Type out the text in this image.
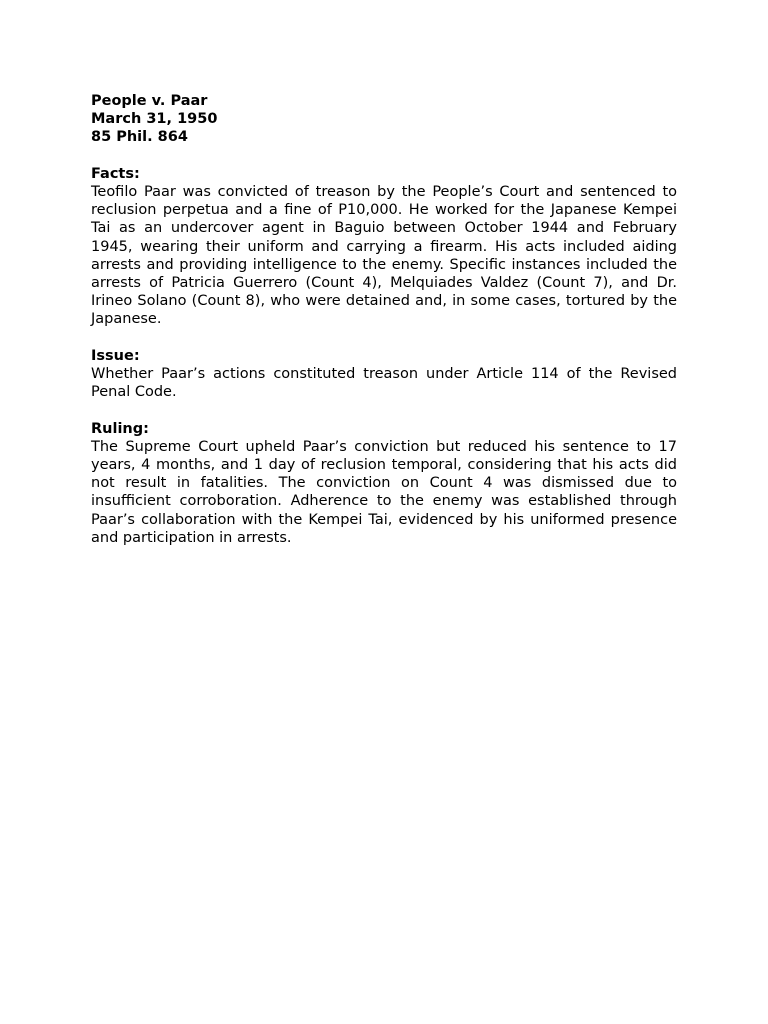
People v. Paar
March 31, 1950
85 Phil. 864
Facts:

Teofilo Paar was convicted of treason by the People’s Court and sentenced to reclusion perpetua and a fine of P10,000. He worked for the Japanese Kempei Tai as an undercover agent in Baguio between October 1944 and February 1945, wearing their uniform and carrying a firearm. His acts included aiding arrests and providing intelligence to the enemy. Specific instances included the arrests of Patricia Guerrero (Count 4), Melquiades Valdez (Count 7), and Dr. Irineo Solano (Count 8), who were detained and, in some cases, tortured by the Japanese.

Issue:

Whether Paar’s actions constituted treason under Article 114 of the Revised Penal Code.

Ruling:

The Supreme Court upheld Paar’s conviction but reduced his sentence to 17 years, 4 months, and 1 day of reclusion temporal, considering that his acts did not result in fatalities. The conviction on Count 4 was dismissed due to insufficient corroboration. Adherence to the enemy was established through Paar’s collaboration with the Kempei Tai, evidenced by his uniformed presence and participation in arrests.
